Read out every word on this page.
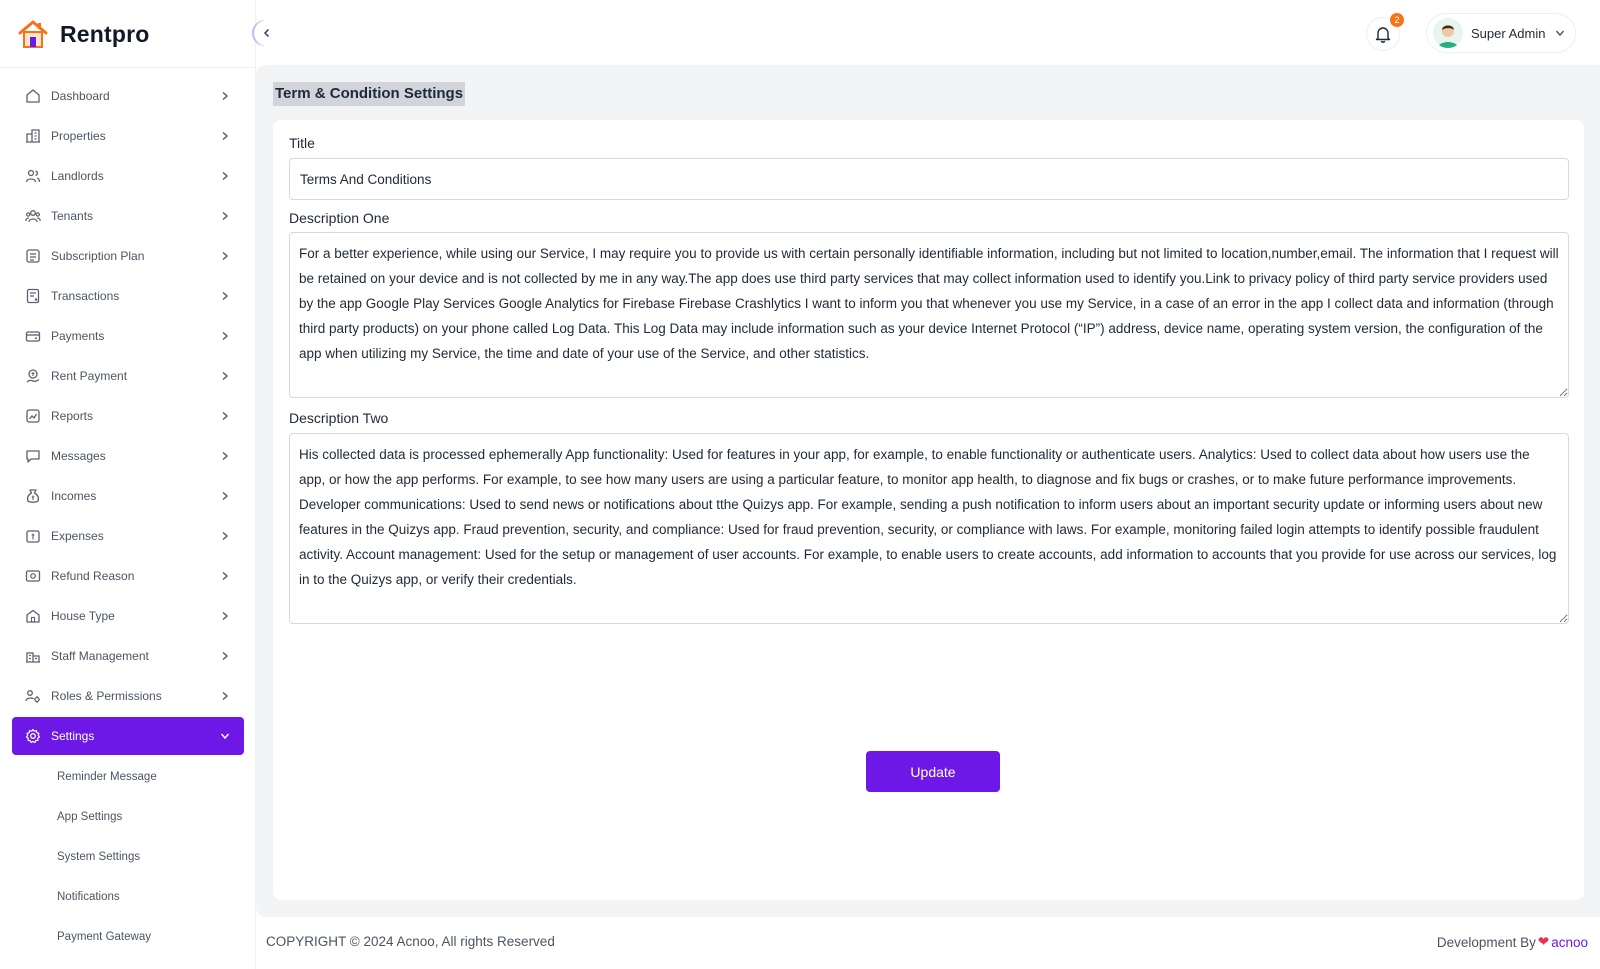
Rentpro
Dashboard
Properties
Landlords
Tenants
Subscription Plan
Transactions
Payments
Rent Payment
Reports
Messages
Incomes
Expenses
Refund Reason
House Type
Staff Management
Roles & Permissions
Settings
Reminder Message
App Settings
System Settings
Notifications
Payment Gateway
2
Super Admin
Term & Condition Settings
Title
Terms And Conditions
Description One
For a better experience, while using our Service, I may require you to provide us with certain personally identifiable information, including but not limited to location,number,email. The information that I request will be retained on your device and is not collected by me in any way.The app does use third party services that may collect information used to identify you.Link to privacy policy of third party service providers used by the app Google Play Services Google Analytics for Firebase Firebase Crashlytics I want to inform you that whenever you use my Service, in a case of an error in the app I collect data and information (through third party products) on your phone called Log Data. This Log Data may include information such as your device Internet Protocol (“IP”) address, device name, operating system version, the configuration of the app when utilizing my Service, the time and date of your use of the Service, and other statistics.
Description Two
His collected data is processed ephemerally App functionality: Used for features in your app, for example, to enable functionality or authenticate users. Analytics: Used to collect data about how users use the app, or how the app performs. For example, to see how many users are using a particular feature, to monitor app health, to diagnose and fix bugs or crashes, or to make future performance improvements. Developer communications: Used to send news or notifications about tthe Quizys app. For example, sending a push notification to inform users about an important security update or informing users about new features in the Quizys app. Fraud prevention, security, and compliance: Used for fraud prevention, security, or compliance with laws. For example, monitoring failed login attempts to identify possible fraudulent activity. Account management: Used for the setup or management of user accounts. For example, to enable users to create accounts, add information to accounts that you provide for use across our services, log in to the Quizys app, or verify their credentials.
Update
COPYRIGHT © 2024 Acnoo, All rights Reserved	Development By ❤ acnoo
